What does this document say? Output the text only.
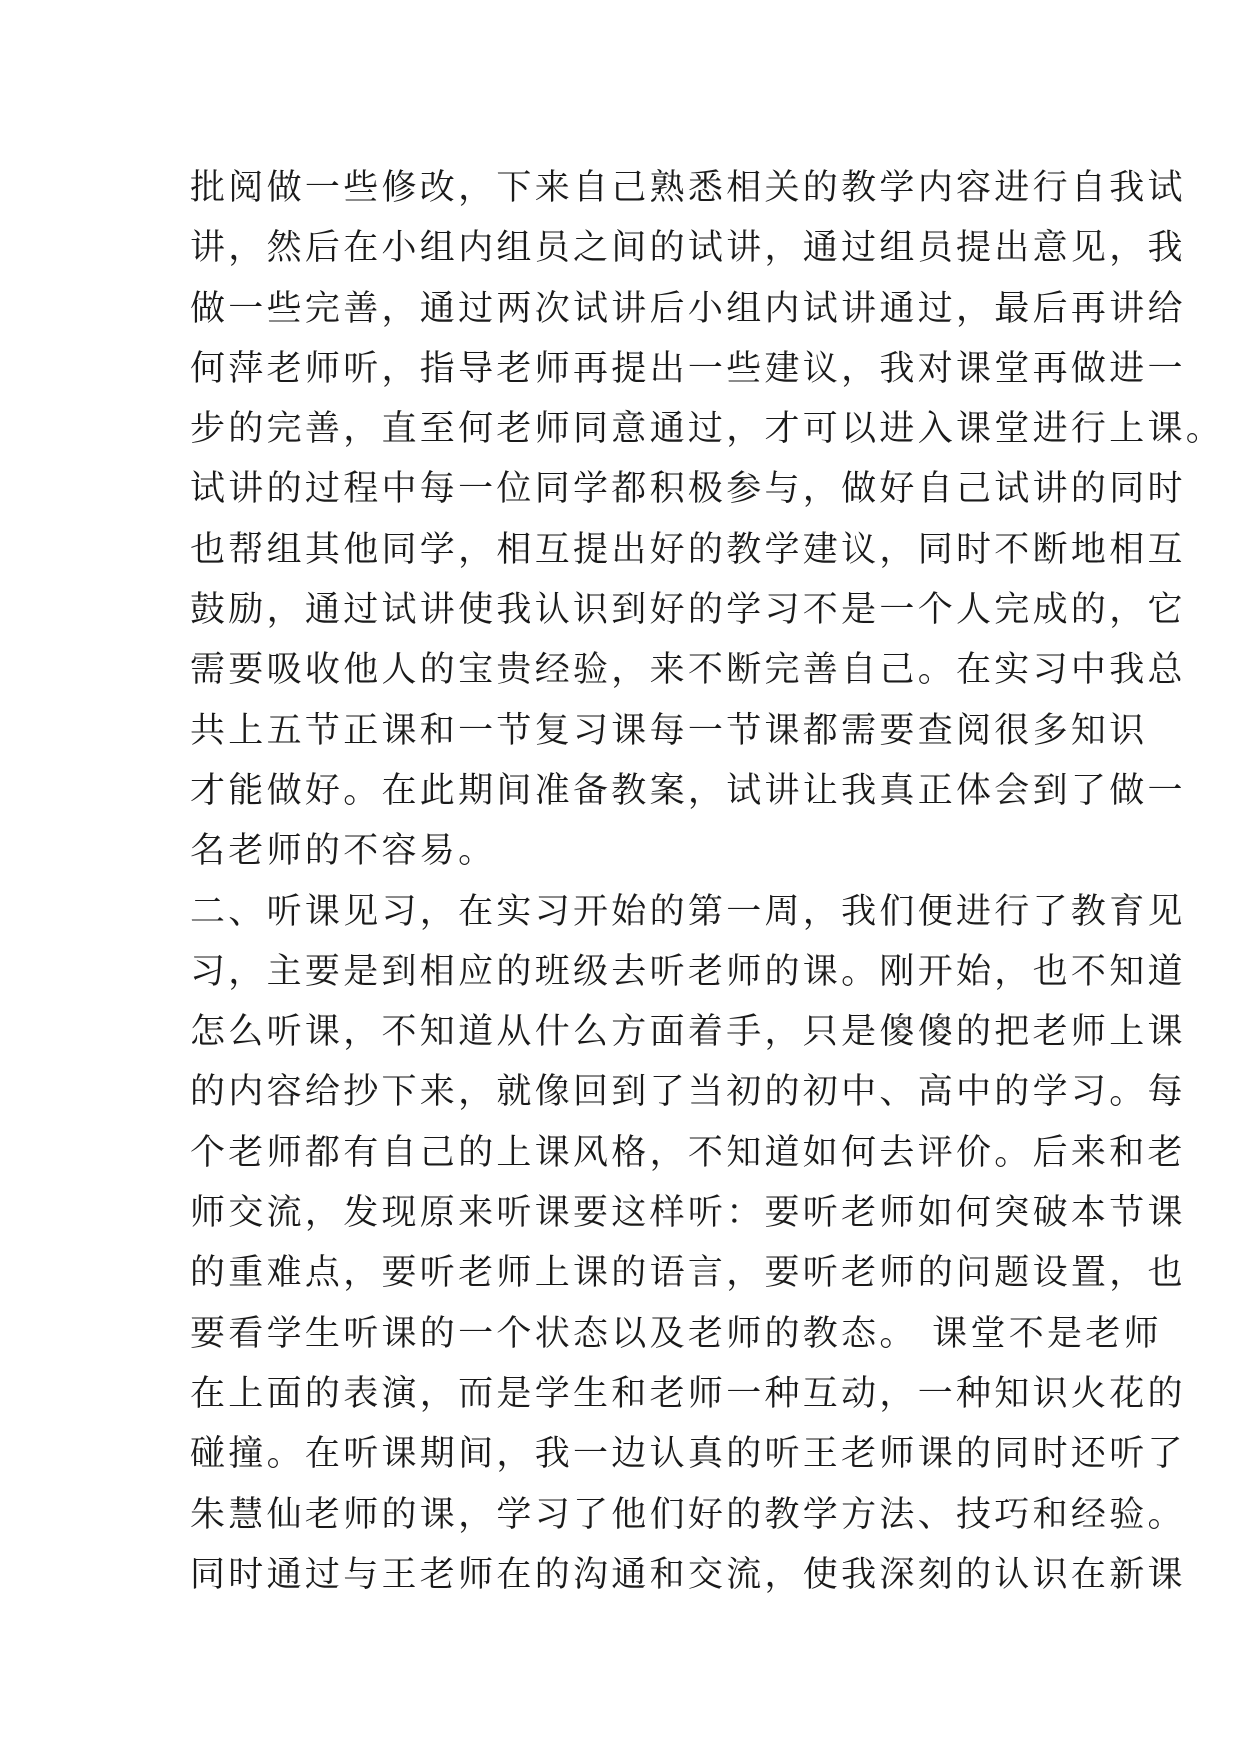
批阅做一些修改，下来自己熟悉相关的教学内容进行自我试
讲，然后在小组内组员之间的试讲，通过组员提出意见，我
做一些完善，通过两次试讲后小组内试讲通过，最后再讲给
何萍老师听，指导老师再提出一些建议，我对课堂再做进一
步的完善，直至何老师同意通过，才可以进入课堂进行上课。
试讲的过程中每一位同学都积极参与，做好自己试讲的同时
也帮组其他同学，相互提出好的教学建议，同时不断地相互
鼓励，通过试讲使我认识到好的学习不是一个人完成的，它
需要吸收他人的宝贵经验，来不断完善自己。在实习中我总
共上五节正课和一节复习课每一节课都需要查阅很多知识
才能做好。在此期间准备教案，试讲让我真正体会到了做一
名老师的不容易。
二、听课见习，在实习开始的第一周，我们便进行了教育见
习，主要是到相应的班级去听老师的课。刚开始，也不知道
怎么听课，不知道从什么方面着手，只是傻傻的把老师上课
的内容给抄下来，就像回到了当初的初中、高中的学习。每
个老师都有自己的上课风格，不知道如何去评价。后来和老
师交流，发现原来听课要这样听：要听老师如何突破本节课
的重难点，要听老师上课的语言，要听老师的问题设置，也
要看学生听课的一个状态以及老师的教态。 课堂不是老师
在上面的表演，而是学生和老师一种互动，一种知识火花的
碰撞。在听课期间，我一边认真的听王老师课的同时还听了
朱慧仙老师的课，学习了他们好的教学方法、技巧和经验。
同时通过与王老师在的沟通和交流，使我深刻的认识在新课
